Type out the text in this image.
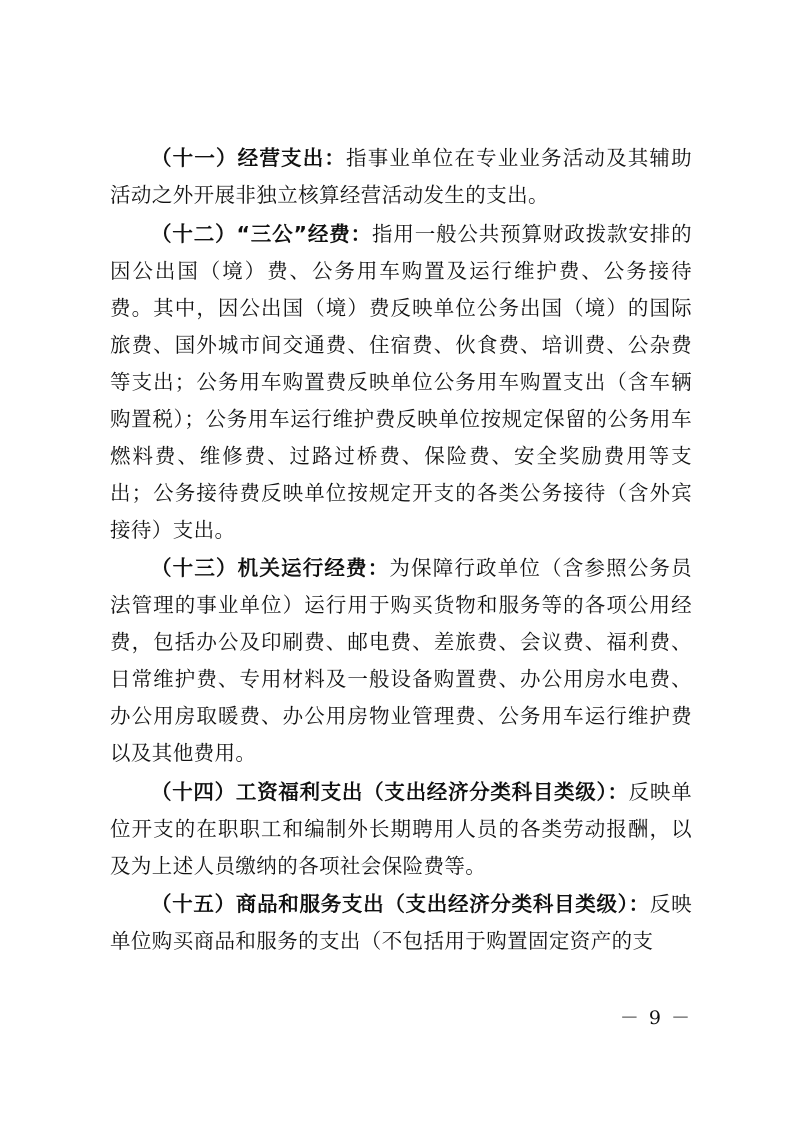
（十一）经营支出：指事业单位在专业业务活动及其辅助活动之外开展非独立核算经营活动发生的支出。

（十二）“三公”经费：指用一般公共预算财政拨款安排的因公出国（境）费、公务用车购置及运行维护费、公务接待费。其中，因公出国（境）费反映单位公务出国（境）的国际旅费、国外城市间交通费、住宿费、伙食费、培训费、公杂费等支出；公务用车购置费反映单位公务用车购置支出（含车辆购置税）；公务用车运行维护费反映单位按规定保留的公务用车燃料费、维修费、过路过桥费、保险费、安全奖励费用等支出；公务接待费反映单位按规定开支的各类公务接待（含外宾接待）支出。

（十三）机关运行经费：为保障行政单位（含参照公务员法管理的事业单位）运行用于购买货物和服务等的各项公用经费，包括办公及印刷费、邮电费、差旅费、会议费、福利费、日常维护费、专用材料及一般设备购置费、办公用房水电费、办公用房取暖费、办公用房物业管理费、公务用车运行维护费以及其他费用。

（十四）工资福利支出（支出经济分类科目类级）：反映单位开支的在职职工和编制外长期聘用人员的各类劳动报酬，以及为上述人员缴纳的各项社会保险费等。

（十五）商品和服务支出（支出经济分类科目类级）：反映单位购买商品和服务的支出（不包括用于购置固定资产的支

－ 9 －
